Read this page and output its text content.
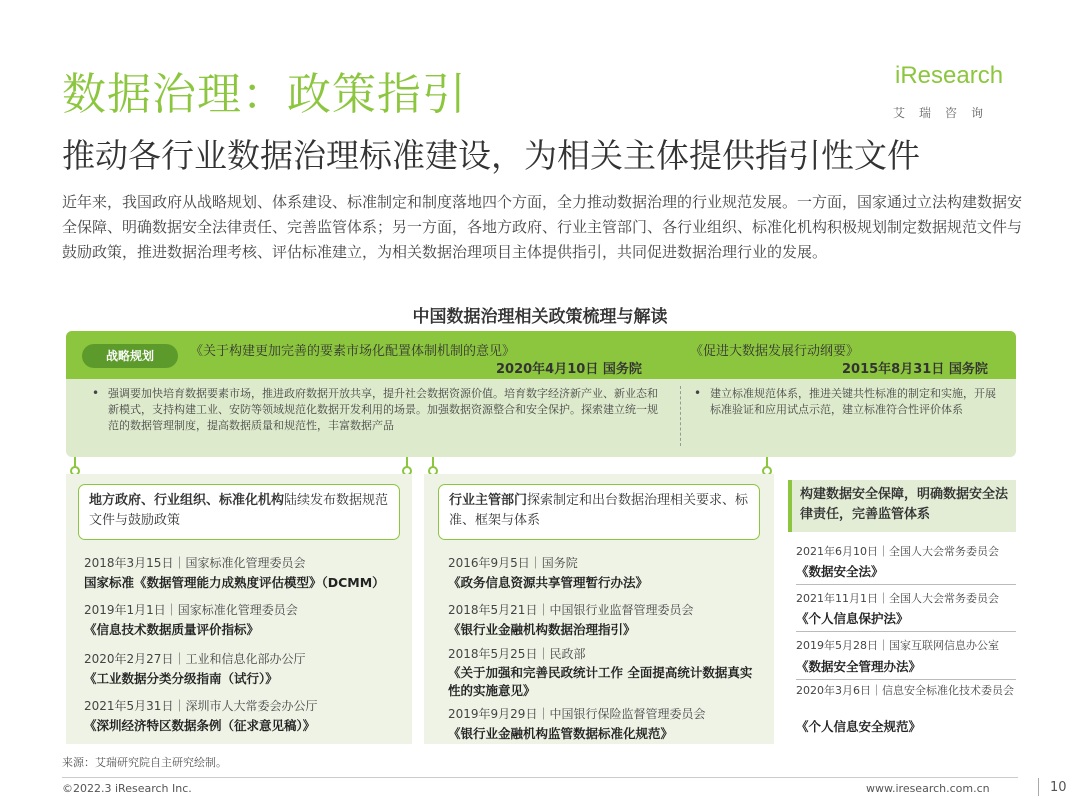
数据治理：政策指引
推动各行业数据治理标准建设，为相关主体提供指引性文件
iResearch
艾瑞咨询
近年来，我国政府从战略规划、体系建设、标准制定和制度落地四个方面，全力推动数据治理的行业规范发展。一方面，国家通过立法构建数据安全保障、明确数据安全法律责任、完善监管体系；另一方面，各地方政府、行业主管部门、各行业组织、标准化机构积极规划制定数据规范文件与鼓励政策，推进数据治理考核、评估标准建立，为相关数据治理项目主体提供指引，共同促进数据治理行业的发展。
中国数据治理相关政策梳理与解读
战略规划	《关于构建更加完善的要素市场化配置体制机制的意见》
2020年4月10日 国务院
《促进大数据发展行动纲要》
2015年8月31日 国务院
• 强调要加快培育数据要素市场，推进政府数据开放共享，提升社会数据资源价值。培育数字经济新产业、新业态和新模式，支持构建工业、安防等领域规范化数据开发利用的场景。加强数据资源整合和安全保护。探索建立统一规范的数据管理制度，提高数据质量和规范性，丰富数据产品
• 建立标准规范体系，推进关键共性标准的制定和实施，开展标准验证和应用试点示范，建立标准符合性评价体系
地方政府、行业组织、标准化机构陆续发布数据规范文件与鼓励政策
2018年3月15日｜国家标准化管理委员会
国家标准《数据管理能力成熟度评估模型》（DCMM）
2019年1月1日｜国家标准化管理委员会
《信息技术数据质量评价指标》
2020年2月27日｜工业和信息化部办公厅
《工业数据分类分级指南（试行）》
2021年5月31日｜深圳市人大常委会办公厅
《深圳经济特区数据条例（征求意见稿）》
行业主管部门探索制定和出台数据治理相关要求、标准、框架与体系
2016年9月5日｜国务院
《政务信息资源共享管理暂行办法》
2018年5月21日｜中国银行业监督管理委员会
《银行业金融机构数据治理指引》
2018年5月25日｜民政部
《关于加强和完善民政统计工作 全面提高统计数据真实性的实施意见》
2019年9月29日｜中国银行保险监督管理委员会
《银行业金融机构监管数据标准化规范》
构建数据安全保障，明确数据安全法律责任，完善监管体系
2021年6月10日｜全国人大会常务委员会
《数据安全法》
2021年11月1日｜全国人大会常务委员会
《个人信息保护法》
2019年5月28日｜国家互联网信息办公室
《数据安全管理办法》
2020年3月6日｜信息安全标准化技术委员会
《个人信息安全规范》
来源：艾瑞研究院自主研究绘制。
©2022.3 iResearch Inc.	www.iresearch.com.cn	10
